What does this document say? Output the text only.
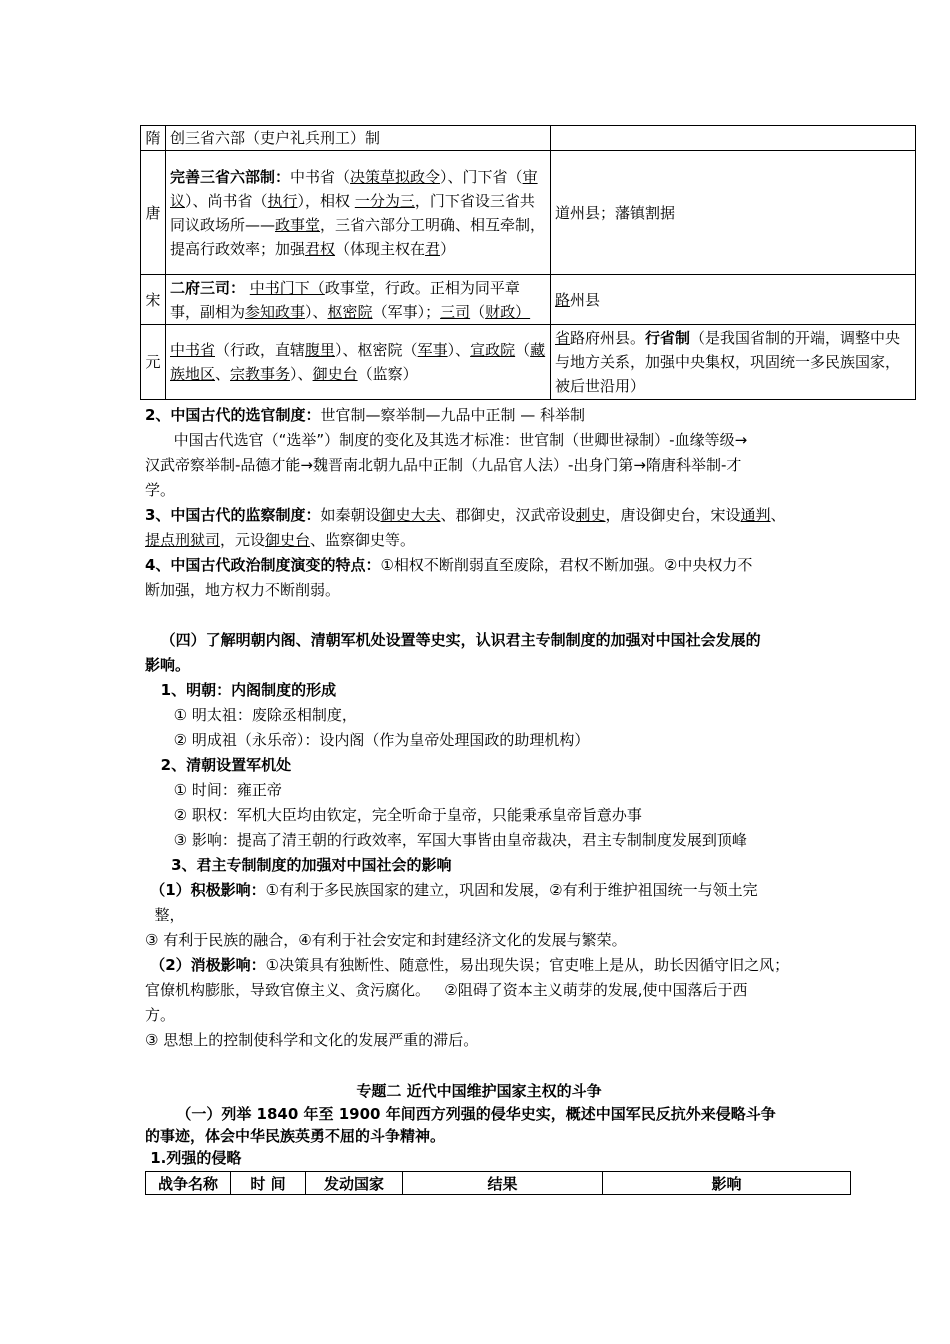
隋	创三省六部（吏户礼兵刑工）制	
唐	完善三省六部制：中书省（决策草拟政令）、门下省（审议）、尚书省（执行），相权 一分为三，门下省设三省共同议政场所——政事堂，三省六部分工明确、相互牵制，提高行政效率；加强君权（体现主权在君）	道州县；藩镇割据
宋	二府三司： 中书门下（政事堂，行政。正相为同平章事，副相为参知政事）、枢密院（军事）；三司（财政）	路州县
元	中书省（行政，直辖腹里）、枢密院（军事）、宣政院（藏族地区、宗教事务）、御史台（监察）	省路府州县。行省制（是我国省制的开端，调整中央与地方关系，加强中央集权，巩固统一多民族国家，被后世沿用）
2、中国古代的选官制度：世官制—察举制—九品中正制 — 科举制
中国古代选官（“选举”）制度的变化及其选才标准：世官制（世卿世禄制）-血缘等级→
汉武帝察举制-品德才能→魏晋南北朝九品中正制（九品官人法）-出身门第→隋唐科举制-才
学。
3、中国古代的监察制度：如秦朝设御史大夫、郡御史，汉武帝设刺史，唐设御史台，宋设通判、
提点刑狱司，元设御史台、监察御史等。
4、中国古代政治制度演变的特点：①相权不断削弱直至废除，君权不断加强。②中央权力不
断加强，地方权力不断削弱。
（四）了解明朝内阁、清朝军机处设置等史实，认识君主专制制度的加强对中国社会发展的
影响。
1、明朝：内阁制度的形成
① 明太祖：废除丞相制度，
② 明成祖（永乐帝）：设内阁（作为皇帝处理国政的助理机构）
2、清朝设置军机处
① 时间：雍正帝
② 职权：军机大臣均由钦定，完全听命于皇帝，只能秉承皇帝旨意办事
③ 影响：提高了清王朝的行政效率，军国大事皆由皇帝裁决，君主专制制度发展到顶峰
3、君主专制制度的加强对中国社会的影响
（1）积极影响：①有利于多民族国家的建立，巩固和发展，②有利于维护祖国统一与领土完
整，
③ 有利于民族的融合，④有利于社会安定和封建经济文化的发展与繁荣。
（2）消极影响：①决策具有独断性、随意性，易出现失误；官吏唯上是从，助长因循守旧之风；
官僚机构膨胀，导致官僚主义、贪污腐化。   ②阻碍了资本主义萌芽的发展,使中国落后于西
方。
③ 思想上的控制使科学和文化的发展严重的滞后。
专题二 近代中国维护国家主权的斗争
（一）列举 1840 年至 1900 年间西方列强的侵华史实，概述中国军民反抗外来侵略斗争
的事迹，体会中华民族英勇不屈的斗争精神。
1.列强的侵略
战争名称	时 间	发动国家	结果	影响
